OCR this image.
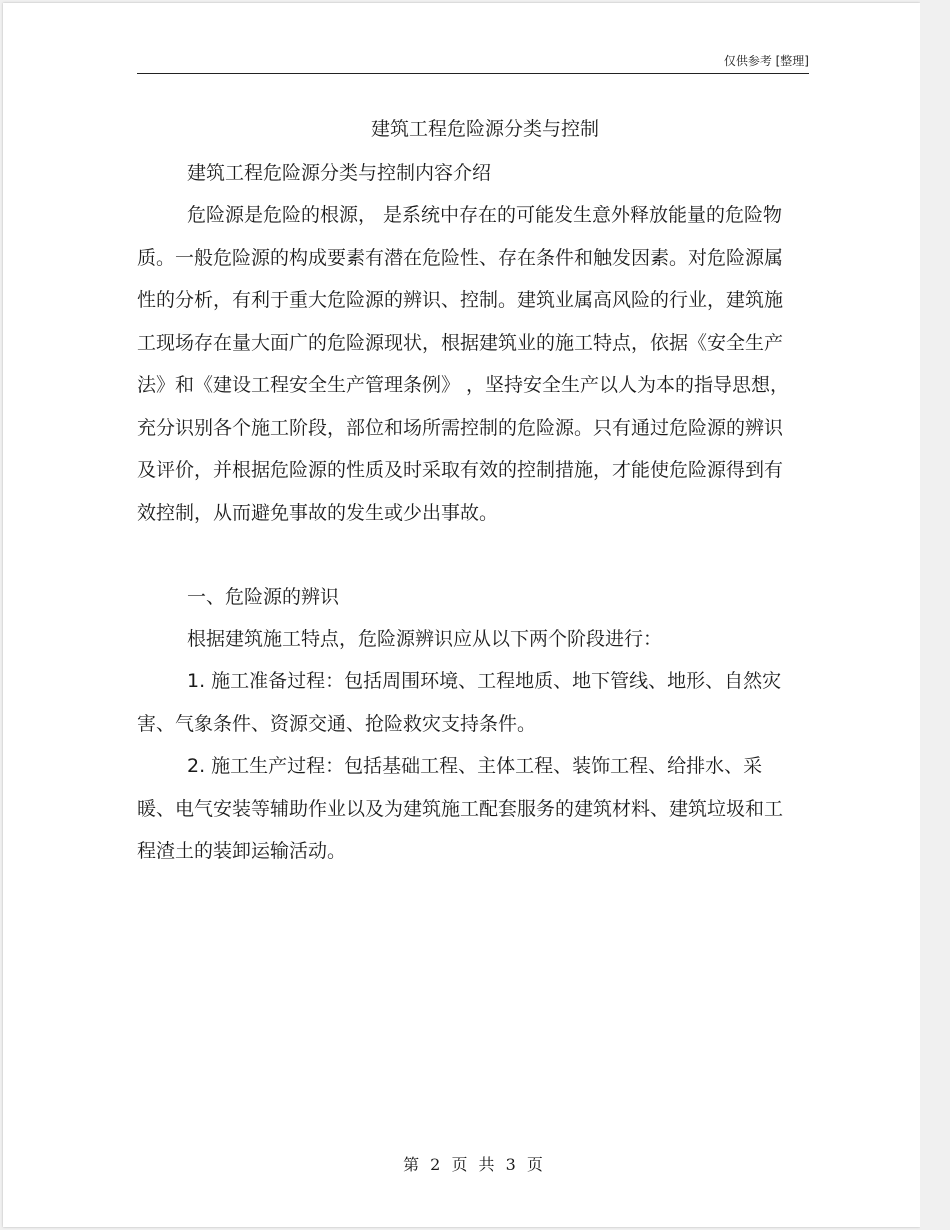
仅供参考 [整理]
建筑工程危险源分类与控制
建筑工程危险源分类与控制内容介绍
危险源是危险的根源， 是系统中存在的可能发生意外释放能量的危险物质。一般危险源的构成要素有潜在危险性、存在条件和触发因素。对危险源属性的分析，有利于重大危险源的辨识、控制。建筑业属高风险的行业，建筑施工现场存在量大面广的危险源现状，根据建筑业的施工特点，依据《安全生产法》和《建设工程安全生产管理条例》 ，坚持安全生产以人为本的指导思想，充分识别各个施工阶段，部位和场所需控制的危险源。只有通过危险源的辨识及评价，并根据危险源的性质及时采取有效的控制措施，才能使危险源得到有效控制，从而避免事故的发生或少出事故。
一、危险源的辨识
根据建筑施工特点，危险源辨识应从以下两个阶段进行：
1. 施工准备过程：包括周围环境、工程地质、地下管线、地形、自然灾害、气象条件、资源交通、抢险救灾支持条件。
2. 施工生产过程：包括基础工程、主体工程、装饰工程、给排水、采暖、电气安装等辅助作业以及为建筑施工配套服务的建筑材料、建筑垃圾和工程渣土的装卸运输活动。
第 2 页 共 3 页
